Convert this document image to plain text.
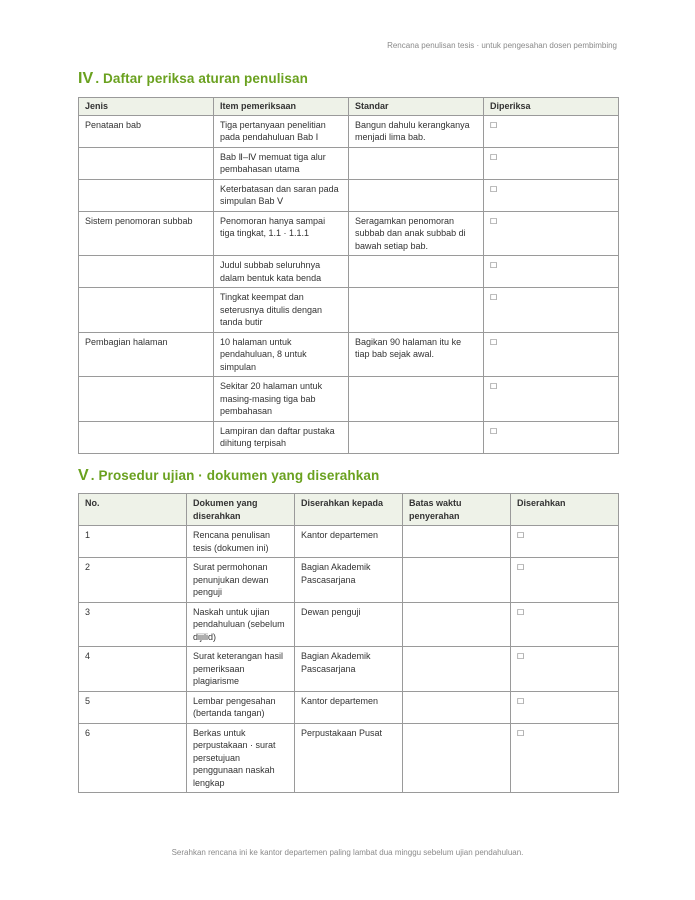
Rencana penulisan tesis · untuk pengesahan dosen pembimbing
IV . Daftar periksa aturan penulisan
Jenis	Item pemeriksaan	Standar	Diperiksa
Penataan bab	Tiga pertanyaan penelitian pada pendahuluan Bab Ⅰ	Bangun dahulu kerangkanya menjadi lima bab.	☐
	Bab Ⅱ–Ⅳ memuat tiga alur pembahasan utama		☐
	Keterbatasan dan saran pada simpulan Bab Ⅴ		☐
Sistem penomoran subbab	Penomoran hanya sampai tiga tingkat, 1.1 · 1.1.1	Seragamkan penomoran subbab dan anak subbab di bawah setiap bab.	☐
	Judul subbab seluruhnya dalam bentuk kata benda		☐
	Tingkat keempat dan seterusnya ditulis dengan tanda butir		☐
Pembagian halaman	10 halaman untuk pendahuluan, 8 untuk simpulan	Bagikan 90 halaman itu ke tiap bab sejak awal.	☐
	Sekitar 20 halaman untuk masing-masing tiga bab pembahasan		☐
	Lampiran dan daftar pustaka dihitung terpisah		☐
V . Prosedur ujian · dokumen yang diserahkan
No.	Dokumen yang diserahkan	Diserahkan kepada	Batas waktu penyerahan	Diserahkan
1	Rencana penulisan tesis (dokumen ini)	Kantor departemen		☐
2	Surat permohonan penunjukan dewan penguji	Bagian Akademik Pascasarjana		☐
3	Naskah untuk ujian pendahuluan (sebelum dijilid)	Dewan penguji		☐
4	Surat keterangan hasil pemeriksaan plagiarisme	Bagian Akademik Pascasarjana		☐
5	Lembar pengesahan (bertanda tangan)	Kantor departemen		☐
6	Berkas untuk perpustakaan · surat persetujuan penggunaan naskah lengkap	Perpustakaan Pusat		☐
Serahkan rencana ini ke kantor departemen paling lambat dua minggu sebelum ujian pendahuluan.
